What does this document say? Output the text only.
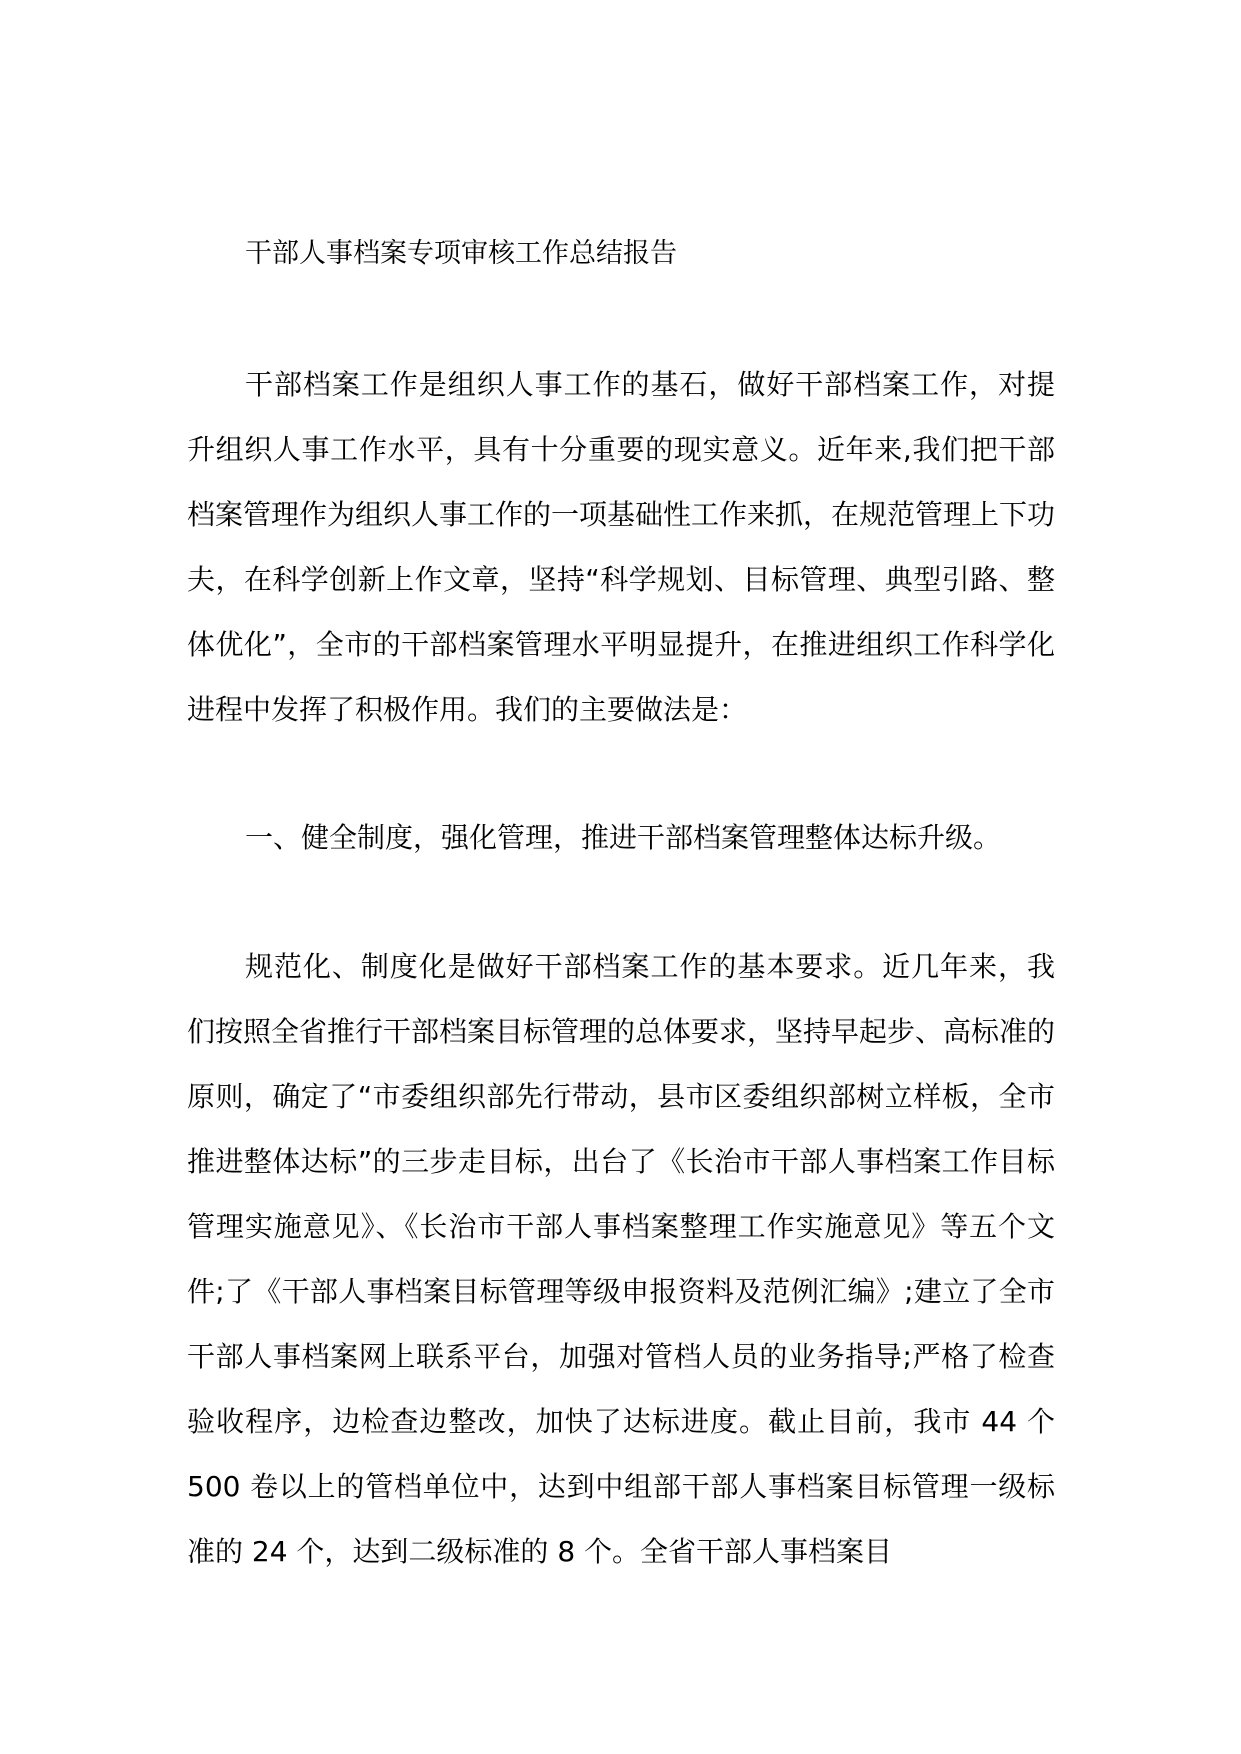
干部人事档案专项审核工作总结报告

干部档案工作是组织人事工作的基石，做好干部档案工作，对提升组织人事工作水平，具有十分重要的现实意义。近年来,我们把干部档案管理作为组织人事工作的一项基础性工作来抓，在规范管理上下功夫，在科学创新上作文章，坚持“科学规划、目标管理、典型引路、整体优化”，全市的干部档案管理水平明显提升，在推进组织工作科学化进程中发挥了积极作用。我们的主要做法是：

一、健全制度，强化管理，推进干部档案管理整体达标升级。

规范化、制度化是做好干部档案工作的基本要求。近几年来，我们按照全省推行干部档案目标管理的总体要求，坚持早起步、高标准的原则，确定了“市委组织部先行带动，县市区委组织部树立样板，全市推进整体达标”的三步走目标，出台了《长治市干部人事档案工作目标管理实施意见》、《长治市干部人事档案整理工作实施意见》等五个文件;了《干部人事档案目标管理等级申报资料及范例汇编》;建立了全市干部人事档案网上联系平台，加强对管档人员的业务指导;严格了检查验收程序，边检查边整改，加快了达标进度。截止目前，我市 44 个 500 卷以上的管档单位中，达到中组部干部人事档案目标管理一级标准的 24 个，达到二级标准的 8 个。全省干部人事档案目
